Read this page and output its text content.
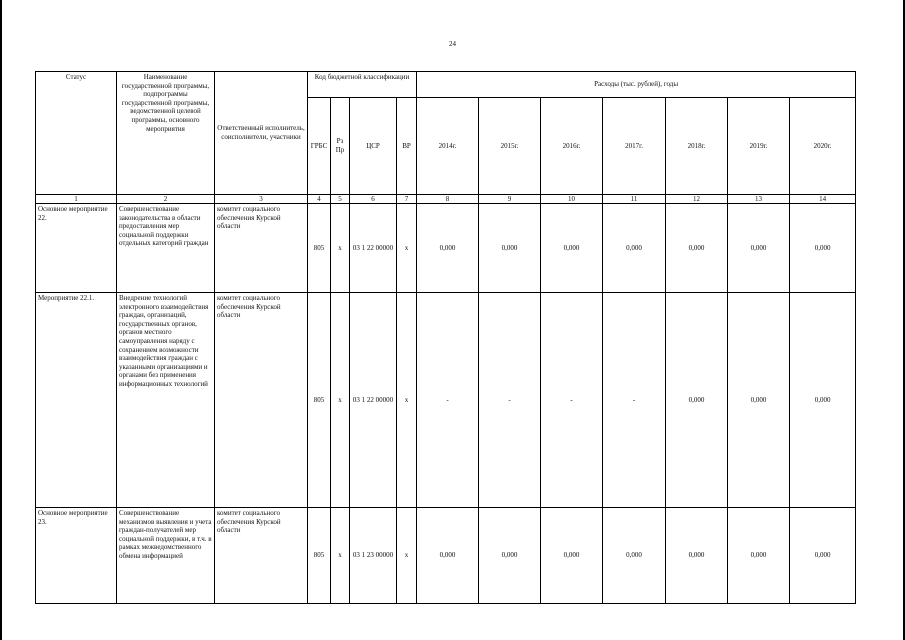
24
Статус	Наименование государственной программы, подпрограммы государственной программы, ведомственной целевой программы, основного мероприятия	Ответственный исполнитель, соисполнители, участники	Код бюджетной классификации				Расходы (тыс. рублей), годы						
			ГРБС	Рз Пр	ЦСР	ВР	2014г.	2015г.	2016г.	2017г.	2018г.	2019г.	2020г.
1	2	3	4	5	6	7	8	9	10	11	12	13	14
Основное мероприятие 22.	Совершенствование законодательства в области предоставления мер социальной поддержки отдельных категорий граждан	комитет социального обеспечения Курской области	805	х	03 1 22 00000	х	0,000	0,000	0,000	0,000	0,000	0,000	0,000
Мероприятие 22.1.	Внедрение технологий электронного взаимодействия граждан, организаций, государственных органов, органов местного самоуправления наряду с сохранением возможности взаимодействия граждан с указанными организациями и органами без применения информационных технологий	комитет социального обеспечения Курской области	805	х	03 1 22 00000	х	-	-	-	-	0,000	0,000	0,000
Основное мероприятие 23.	Совершенствование механизмов выявления и учета граждан-получателей мер социальной поддержки, в т.ч. в рамках межведомственного обмена информацией	комитет социального обеспечения Курской области	805	х	03 1 23 00000	х	0,000	0,000	0,000	0,000	0,000	0,000	0,000
